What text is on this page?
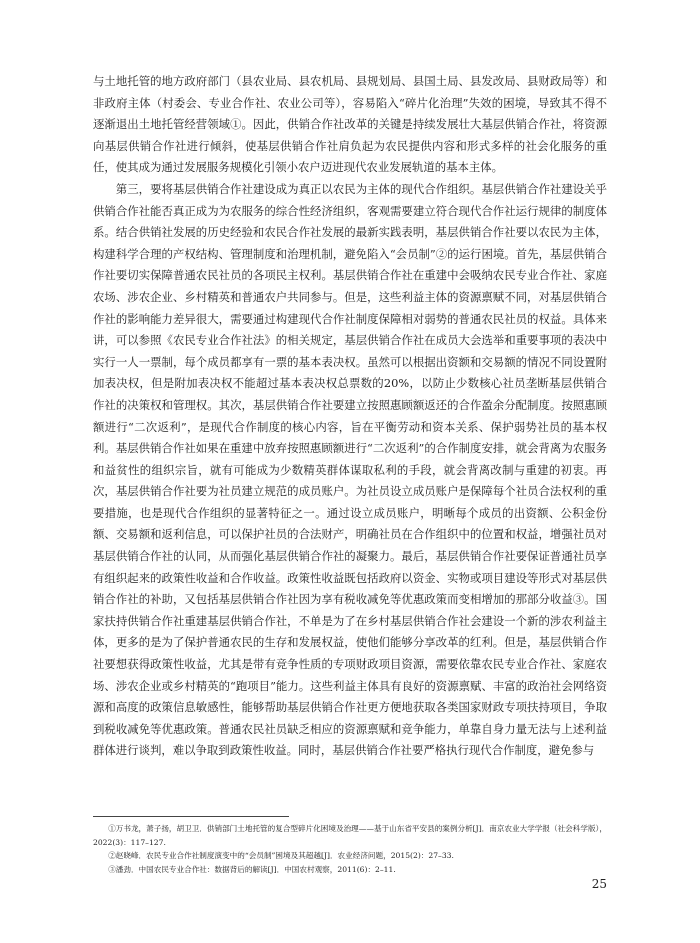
与土地托管的地方政府部门（县农业局、县农机局、县规划局、县国土局、县发改局、县财政局等）和非政府主体（村委会、专业合作社、农业公司等），容易陷入“碎片化治理”失效的困境，导致其不得不逐渐退出土地托管经营领域①。因此，供销合作社改革的关键是持续发展壮大基层供销合作社，将资源向基层供销合作社进行倾斜，使基层供销合作社肩负起为农民提供内容和形式多样的社会化服务的重任，使其成为通过发展服务规模化引领小农户迈进现代农业发展轨道的基本主体。

第三，要将基层供销合作社建设成为真正以农民为主体的现代合作组织。基层供销合作社建设关乎供销合作社能否真正成为为农服务的综合性经济组织，客观需要建立符合现代合作社运行规律的制度体系。结合供销社发展的历史经验和农民合作社发展的最新实践表明，基层供销合作社要以农民为主体，构建科学合理的产权结构、管理制度和治理机制，避免陷入“会员制”②的运行困境。首先，基层供销合作社要切实保障普通农民社员的各项民主权利。基层供销合作社在重建中会吸纳农民专业合作社、家庭农场、涉农企业、乡村精英和普通农户共同参与。但是，这些利益主体的资源禀赋不同，对基层供销合作社的影响能力差异很大，需要通过构建现代合作社制度保障相对弱势的普通农民社员的权益。具体来讲，可以参照《农民专业合作社法》的相关规定，基层供销合作社在成员大会选举和重要事项的表决中实行一人一票制，每个成员都享有一票的基本表决权。虽然可以根据出资额和交易额的情况不同设置附加表决权，但是附加表决权不能超过基本表决权总票数的20%，以防止少数核心社员垄断基层供销合作社的决策权和管理权。其次，基层供销合作社要建立按照惠顾额返还的合作盈余分配制度。按照惠顾额进行“二次返利”，是现代合作制度的核心内容，旨在平衡劳动和资本关系、保护弱势社员的基本权利。基层供销合作社如果在重建中放弃按照惠顾额进行“二次返利”的合作制度安排，就会背离为农服务和益贫性的组织宗旨，就有可能成为少数精英群体谋取私利的手段，就会背离改制与重建的初衷。再次，基层供销合作社要为社员建立规范的成员账户。为社员设立成员账户是保障每个社员合法权利的重要措施，也是现代合作组织的显著特征之一。通过设立成员账户，明晰每个成员的出资额、公积金份额、交易额和返利信息，可以保护社员的合法财产，明确社员在合作组织中的位置和权益，增强社员对基层供销合作社的认同，从而强化基层供销合作社的凝聚力。最后，基层供销合作社要保证普通社员享有组织起来的政策性收益和合作收益。政策性收益既包括政府以资金、实物或项目建设等形式对基层供销合作社的补助，又包括基层供销合作社因为享有税收减免等优惠政策而变相增加的那部分收益③。国家扶持供销合作社重建基层供销合作社，不单是为了在乡村基层供销合作社会建设一个新的涉农利益主体，更多的是为了保护普通农民的生存和发展权益，使他们能够分享改革的红利。但是，基层供销合作社要想获得政策性收益，尤其是带有竞争性质的专项财政项目资源，需要依靠农民专业合作社、家庭农场、涉农企业或乡村精英的“跑项目”能力。这些利益主体具有良好的资源禀赋、丰富的政治社会网络资源和高度的政策信息敏感性，能够帮助基层供销合作社更方便地获取各类国家财政专项扶持项目，争取到税收减免等优惠政策。普通农民社员缺乏相应的资源禀赋和竞争能力，单靠自身力量无法与上述利益群体进行谈判，难以争取到政策性收益。同时，基层供销合作社要严格执行现代合作制度，避免参与

①万书龙，萧子扬，胡卫卫．供销部门土地托管的复合型碎片化困境及治理——基于山东省平安县的案例分析[J]．南京农业大学学报（社会科学版），2022(3)：117–127.

②赵晓峰．农民专业合作社制度演变中的“会员制”困境及其超越[J]．农业经济问题，2015(2)：27–33.

③潘劲．中国农民专业合作社：数据背后的解读[J]．中国农村观察，2011(6)：2–11.

25
